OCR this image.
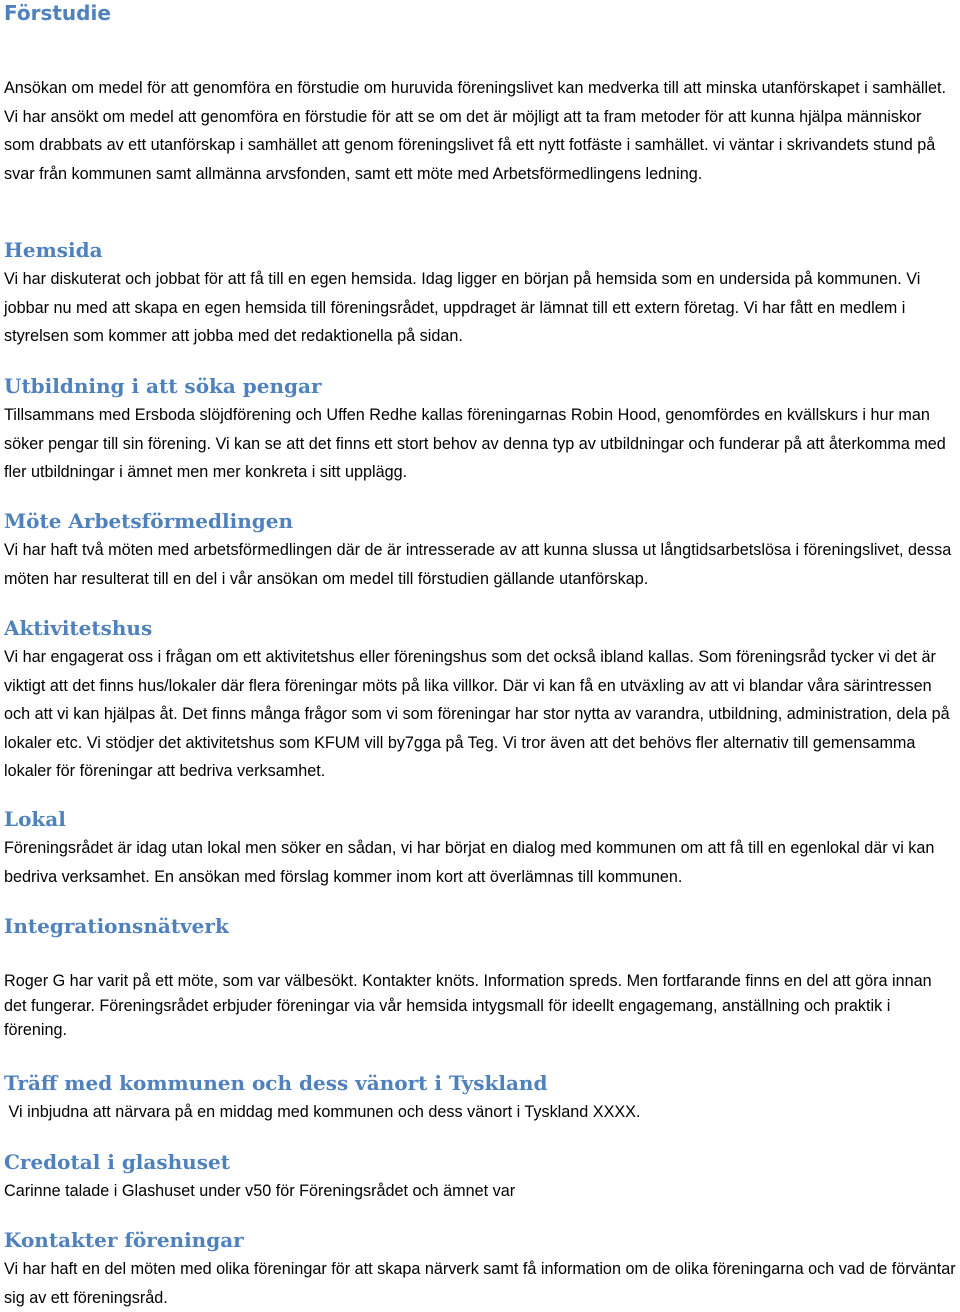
Förstudie

Ansökan om medel för att genomföra en förstudie om huruvida föreningslivet kan medverka till att minska utanförskapet i samhället. Vi har ansökt om medel att genomföra en förstudie för att se om det är möjligt att ta fram metoder för att kunna hjälpa människor som drabbats av ett utanförskap i samhället att genom föreningslivet få ett nytt fotfäste i samhället. vi väntar i skrivandets stund på svar från kommunen samt allmänna arvsfonden, samt ett möte med Arbetsförmedlingens ledning.

Hemsida

Vi har diskuterat och jobbat för att få till en egen hemsida. Idag ligger en början på hemsida som en undersida på kommunen. Vi jobbar nu med att skapa en egen hemsida till föreningsrådet, uppdraget är lämnat till ett extern företag. Vi har fått en medlem i styrelsen som kommer att jobba med det redaktionella på sidan.

Utbildning i att söka pengar

Tillsammans med Ersboda slöjdförening och Uffen Redhe kallas föreningarnas Robin Hood, genomfördes en kvällskurs i hur man söker pengar till sin förening. Vi kan se att det finns ett stort behov av denna typ av utbildningar och funderar på att återkomma med fler utbildningar i ämnet men mer konkreta i sitt upplägg.

Möte Arbetsförmedlingen

Vi har haft två möten med arbetsförmedlingen där de är intresserade av att kunna slussa ut långtidsarbetslösa i föreningslivet, dessa möten har resulterat till en del i vår ansökan om medel till förstudien gällande utanförskap.

Aktivitetshus

Vi har engagerat oss i frågan om ett aktivitetshus eller föreningshus som det också ibland kallas. Som föreningsråd tycker vi det är viktigt att det finns hus/lokaler där flera föreningar möts på lika villkor. Där vi kan få en utväxling av att vi blandar våra särintressen och att vi kan hjälpas åt. Det finns många frågor som vi som föreningar har stor nytta av varandra, utbildning, administration, dela på lokaler etc. Vi stödjer det aktivitetshus som KFUM vill by7gga på Teg. Vi tror även att det behövs fler alternativ till gemensamma lokaler för föreningar att bedriva verksamhet.

Lokal

Föreningsrådet är idag utan lokal men söker en sådan, vi har börjat en dialog med kommunen om att få till en egenlokal där vi kan bedriva verksamhet. En ansökan med förslag kommer inom kort att överlämnas till kommunen.

Integrationsnätverk

Roger G har varit på ett möte, som var välbesökt. Kontakter knöts. Information spreds. Men fortfarande finns en del att göra innan det fungerar. Föreningsrådet erbjuder föreningar via vår hemsida intygsmall för ideellt engagemang, anställning och praktik i förening.

Träff med kommunen och dess vänort i Tyskland

Vi inbjudna att närvara på en middag med kommunen och dess vänort i Tyskland XXXX.

Credotal i glashuset

Carinne talade i Glashuset under v50 för Föreningsrådet och ämnet var

Kontakter föreningar

Vi har haft en del möten med olika föreningar för att skapa närverk samt få information om de olika föreningarna och vad de förväntar sig av ett föreningsråd.
